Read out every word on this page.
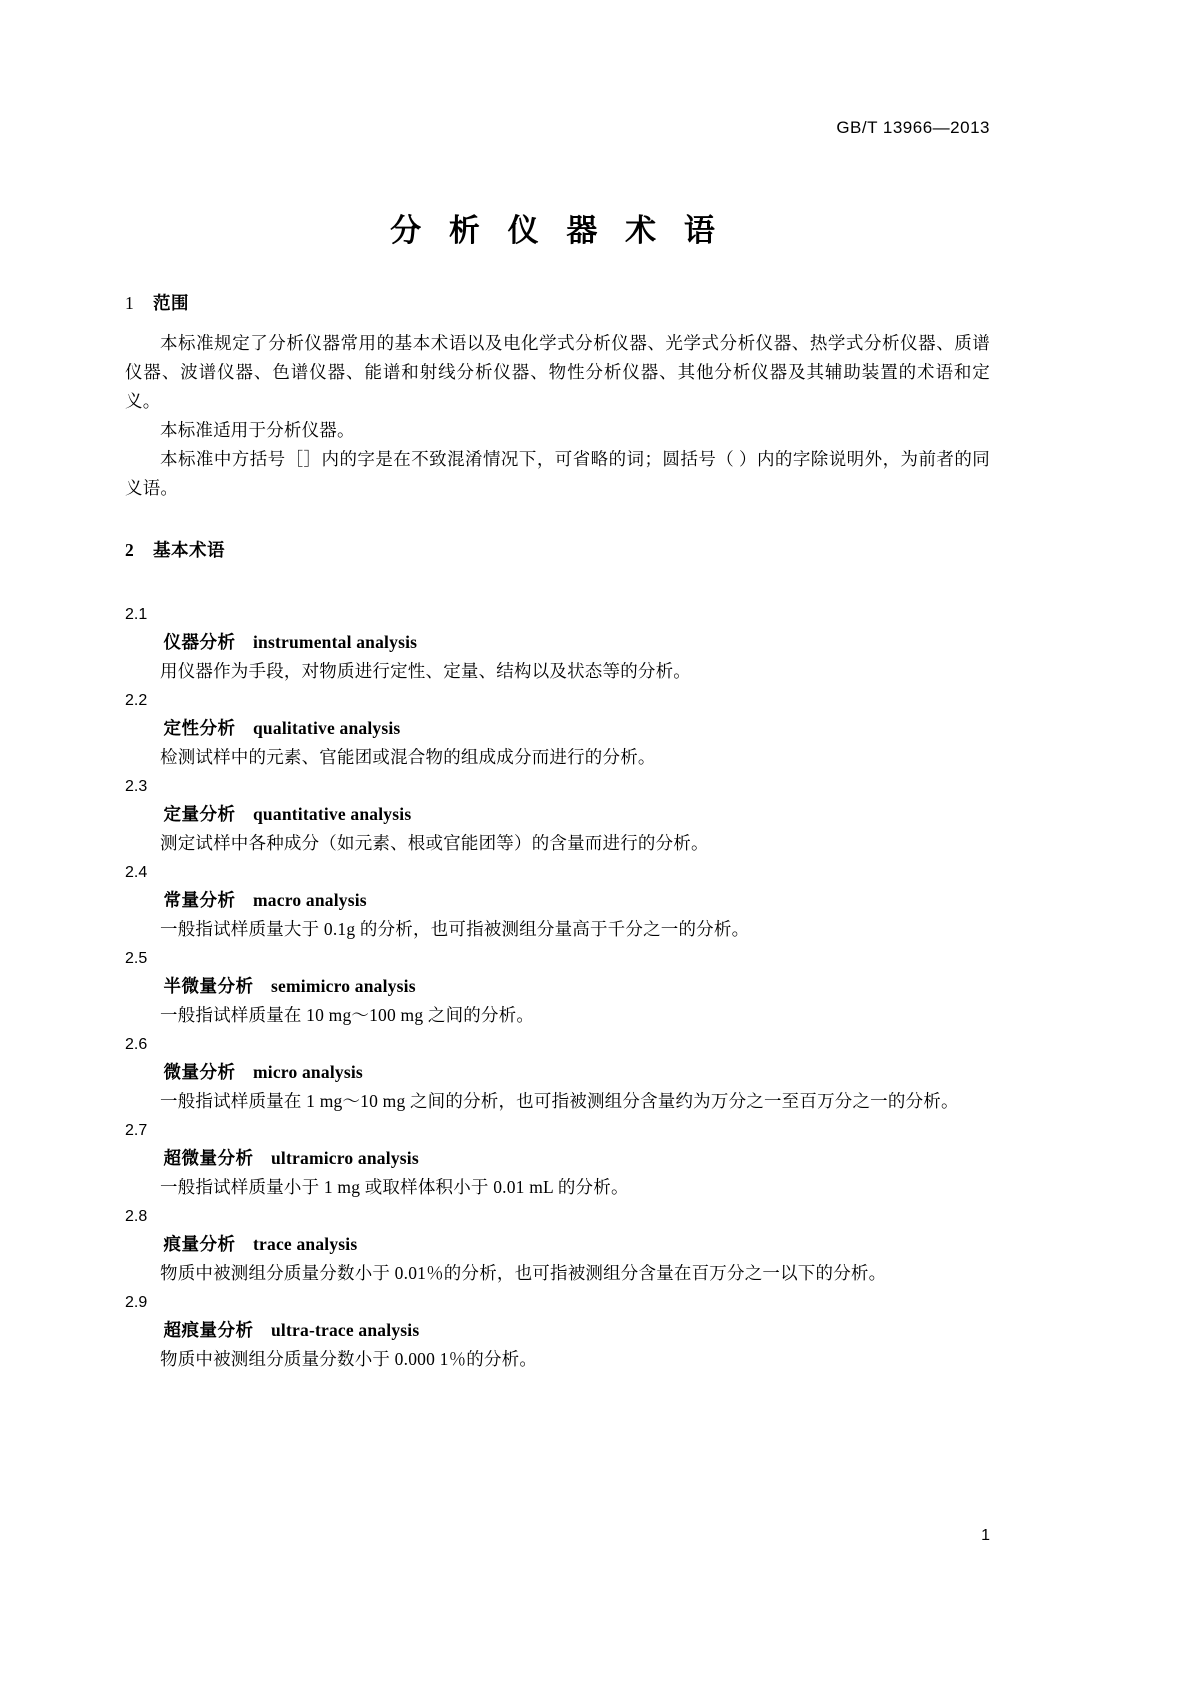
GB/T 13966—2013
分 析 仪 器 术 语

1 范围

本标准规定了分析仪器常用的基本术语以及电化学式分析仪器、光学式分析仪器、热学式分析仪器、质谱仪器、波谱仪器、色谱仪器、能谱和射线分析仪器、物性分析仪器、其他分析仪器及其辅助装置的术语和定义。

本标准适用于分析仪器。

本标准中方括号［］内的字是在不致混淆情况下，可省略的词；圆括号（ ）内的字除说明外，为前者的同义语。

2 基本术语

2.1

仪器分析 instrumental analysis

用仪器作为手段，对物质进行定性、定量、结构以及状态等的分析。

2.2

定性分析 qualitative analysis

检测试样中的元素、官能团或混合物的组成成分而进行的分析。

2.3

定量分析 quantitative analysis

测定试样中各种成分（如元素、根或官能团等）的含量而进行的分析。

2.4

常量分析 macro analysis

一般指试样质量大于 0.1g 的分析，也可指被测组分量高于千分之一的分析。

2.5

半微量分析 semimicro analysis

一般指试样质量在 10 mg～100 mg 之间的分析。

2.6

微量分析 micro analysis

一般指试样质量在 1 mg～10 mg 之间的分析，也可指被测组分含量约为万分之一至百万分之一的分析。

2.7

超微量分析 ultramicro analysis

一般指试样质量小于 1 mg 或取样体积小于 0.01 mL 的分析。

2.8

痕量分析 trace analysis

物质中被测组分质量分数小于 0.01％的分析，也可指被测组分含量在百万分之一以下的分析。

2.9

超痕量分析 ultra-trace analysis

物质中被测组分质量分数小于 0.000 1％的分析。

1
